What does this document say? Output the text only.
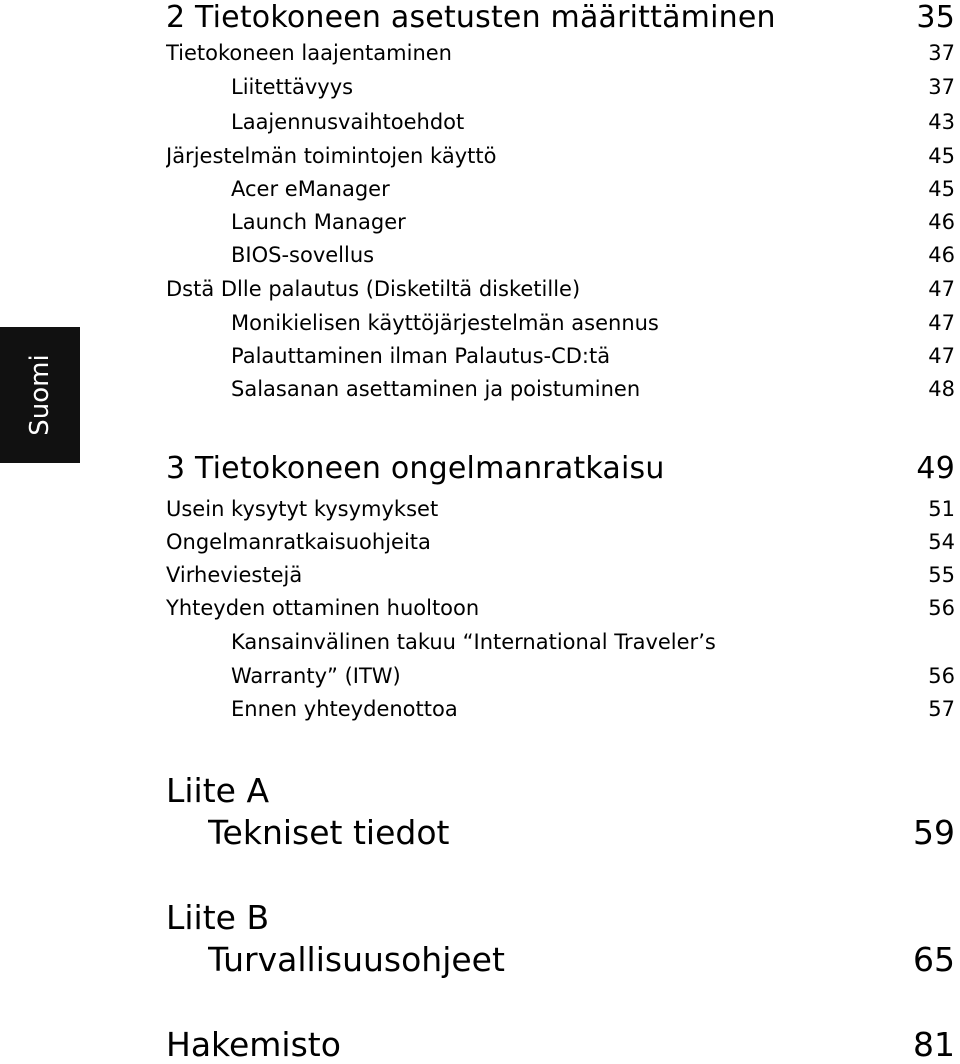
Suomi
2 Tietokoneen asetusten määrittäminen	35
Tietokoneen laajentaminen	37
Liitettävyys	37
Laajennusvaihtoehdot	43
Järjestelmän toimintojen käyttö	45
Acer eManager	45
Launch Manager	46
BIOS-sovellus	46
Dstä Dlle palautus (Disketiltä disketille)	47
Monikielisen käyttöjärjestelmän asennus	47
Palauttaminen ilman Palautus-CD:tä	47
Salasanan asettaminen ja poistuminen	48
3 Tietokoneen ongelmanratkaisu	49
Usein kysytyt kysymykset	51
Ongelmanratkaisuohjeita	54
Virheviestejä	55
Yhteyden ottaminen huoltoon	56
Kansainvälinen takuu “International Traveler’s
Warranty” (ITW)	56
Ennen yhteydenottoa	57
Liite A
Tekniset tiedot	59
Liite B
Turvallisuusohjeet	65
Hakemisto	81
